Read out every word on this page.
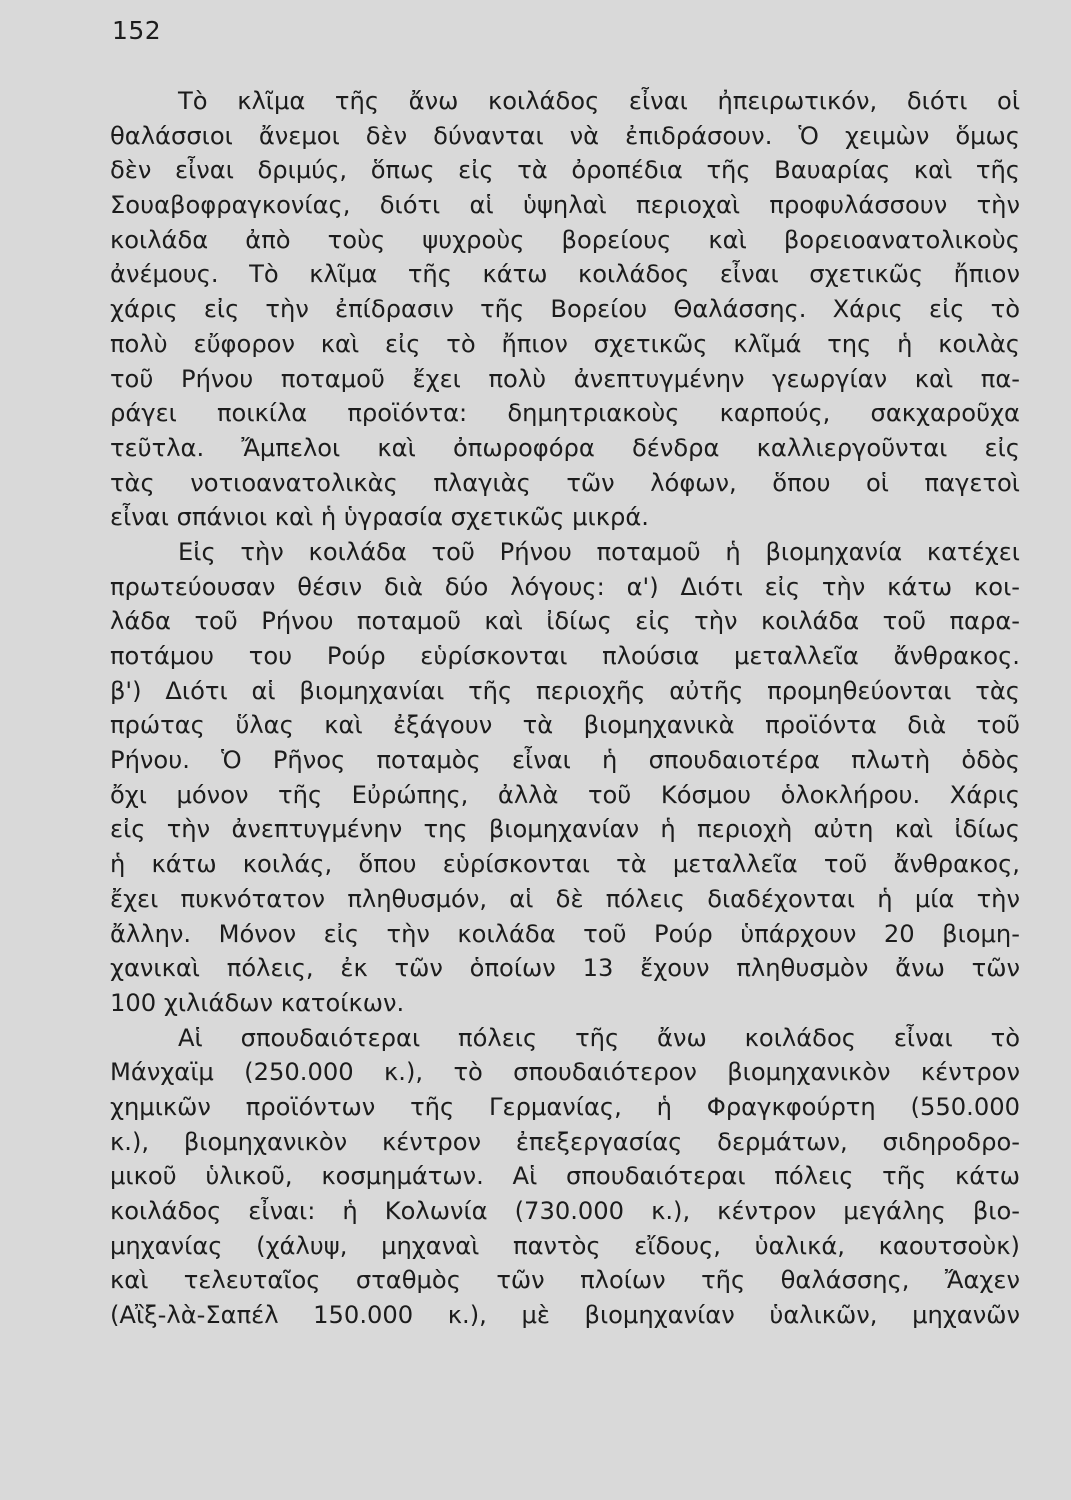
152
Τὸ κλῖμα τῆς ἄνω κοιλάδος εἶναι ἠπειρωτικόν, διότι οἱ
θαλάσσιοι ἄνεμοι δὲν δύνανται νὰ ἐπιδράσουν. Ὁ χειμὼν ὅμως
δὲν εἶναι δριμύς, ὅπως εἰς τὰ ὀροπέδια τῆς Βαυαρίας καὶ τῆς
Σουαβοφραγκονίας, διότι αἱ ὑψηλαὶ περιοχαὶ προφυλάσσουν τὴν
κοιλάδα ἀπὸ τοὺς ψυχροὺς βορείους καὶ βορειοανατολικοὺς
ἀνέμους. Τὸ κλῖμα τῆς κάτω κοιλάδος εἶναι σχετικῶς ἤπιον
χάρις εἰς τὴν ἐπίδρασιν τῆς Βορείου Θαλάσσης. Χάρις εἰς τὸ
πολὺ εὔφορον καὶ εἰς τὸ ἤπιον σχετικῶς κλῖμά της ἡ κοιλὰς
τοῦ Ρήνου ποταμοῦ ἔχει πολὺ ἀνεπτυγμένην γεωργίαν καὶ πα-
ράγει ποικίλα προϊόντα: δημητριακοὺς καρπούς, σακχαροῦχα
τεῦτλα. Ἄμπελοι καὶ ὀπωροφόρα δένδρα καλλιεργοῦνται εἰς
τὰς νοτιοανατολικὰς πλαγιὰς τῶν λόφων, ὅπου οἱ παγετοὶ
εἶναι σπάνιοι καὶ ἡ ὑγρασία σχετικῶς μικρά.
Εἰς τὴν κοιλάδα τοῦ Ρήνου ποταμοῦ ἡ βιομηχανία κατέχει
πρωτεύουσαν θέσιν διὰ δύο λόγους: α') Διότι εἰς τὴν κάτω κοι-
λάδα τοῦ Ρήνου ποταμοῦ καὶ ἰδίως εἰς τὴν κοιλάδα τοῦ παρα-
ποτάμου του Ρούρ εὑρίσκονται πλούσια μεταλλεῖα ἄνθρακος.
β') Διότι αἱ βιομηχανίαι τῆς περιοχῆς αὐτῆς προμηθεύονται τὰς
πρώτας ὕλας καὶ ἐξάγουν τὰ βιομηχανικὰ προϊόντα διὰ τοῦ
Ρήνου. Ὁ Ρῆνος ποταμὸς εἶναι ἡ σπουδαιοτέρα πλωτὴ ὁδὸς
ὄχι μόνον τῆς Εὐρώπης, ἀλλὰ τοῦ Κόσμου ὁλοκλήρου. Χάρις
εἰς τὴν ἀνεπτυγμένην της βιομηχανίαν ἡ περιοχὴ αὐτη καὶ ἰδίως
ἡ κάτω κοιλάς, ὅπου εὑρίσκονται τὰ μεταλλεῖα τοῦ ἄνθρακος,
ἔχει πυκνότατον πληθυσμόν, αἱ δὲ πόλεις διαδέχονται ἡ μία τὴν
ἄλλην. Μόνον εἰς τὴν κοιλάδα τοῦ Ρούρ ὑπάρχουν 20 βιομη-
χανικαὶ πόλεις, ἐκ τῶν ὁποίων 13 ἔχουν πληθυσμὸν ἄνω τῶν
100 χιλιάδων κατοίκων.
Αἱ σπουδαιότεραι πόλεις τῆς ἄνω κοιλάδος εἶναι τὸ
Μάνχαϊμ (250.000 κ.), τὸ σπουδαιότερον βιομηχανικὸν κέντρον
χημικῶν προϊόντων τῆς Γερμανίας, ἡ Φραγκφούρτη (550.000
κ.), βιομηχανικὸν κέντρον ἐπεξεργασίας δερμάτων, σιδηροδρο-
μικοῦ ὑλικοῦ, κοσμημάτων. Αἱ σπουδαιότεραι πόλεις τῆς κάτω
κοιλάδος εἶναι: ἡ Κολωνία (730.000 κ.), κέντρον μεγάλης βιο-
μηχανίας (χάλυψ, μηχαναὶ παντὸς εἴδους, ὑαλικά, καουτσοὺκ)
καὶ τελευταῖος σταθμὸς τῶν πλοίων τῆς θαλάσσης, Ἄαχεν
(Αἲξ-λὰ-Σαπέλ 150.000 κ.), μὲ βιομηχανίαν ὑαλικῶν, μηχανῶν
